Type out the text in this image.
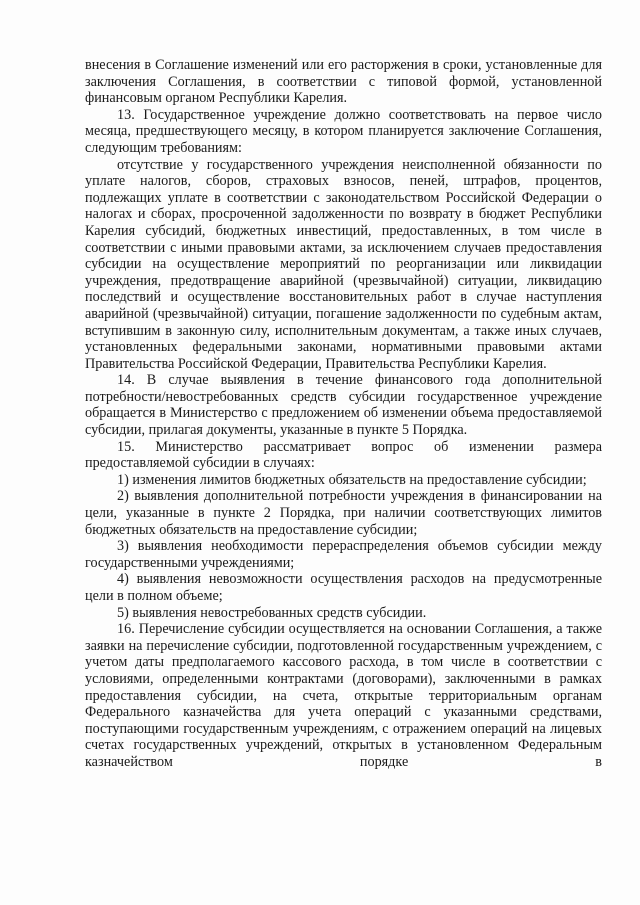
внесения в Соглашение изменений или его расторжения в сроки, установленные для заключения Соглашения, в соответствии с типовой формой, установленной финансовым органом Республики Карелия.

13. Государственное учреждение должно соответствовать на первое число месяца, предшествующего месяцу, в котором планируется заключение Соглашения, следующим требованиям:

отсутствие у государственного учреждения неисполненной обязанности по уплате налогов, сборов, страховых взносов, пеней, штрафов, процентов, подлежащих уплате в соответствии с законодательством Российской Федерации о налогах и сборах, просроченной задолженности по возврату в бюджет Республики Карелия субсидий, бюджетных инвестиций, предоставленных, в том числе в соответствии с иными правовыми актами, за исключением случаев предоставления субсидии на осуществление мероприятий по реорганизации или ликвидации учреждения, предотвращение аварийной (чрезвычайной) ситуации, ликвидацию последствий и осуществление восстановительных работ в случае наступления аварийной (чрезвычайной) ситуации, погашение задолженности по судебным актам, вступившим в законную силу, исполнительным документам, а также иных случаев, установленных федеральными законами, нормативными правовыми актами Правительства Российской Федерации, Правительства Республики Карелия.

14. В случае выявления в течение финансового года дополнительной потребности/невостребованных средств субсидии государственное учреждение обращается в Министерство с предложением об изменении объема предоставляемой субсидии, прилагая документы, указанные в пункте 5 Порядка.

15. Министерство рассматривает вопрос об изменении размера предоставляемой субсидии в случаях:

1) изменения лимитов бюджетных обязательств на предоставление субсидии;

2) выявления дополнительной потребности учреждения в финансировании на цели, указанные в пункте 2 Порядка, при наличии соответствующих лимитов бюджетных обязательств на предоставление субсидии;

3) выявления необходимости перераспределения объемов субсидии между государственными учреждениями;

4) выявления невозможности осуществления расходов на предусмотренные цели в полном объеме;

5) выявления невостребованных средств субсидии.

16. Перечисление субсидии осуществляется на основании Соглашения, а также заявки на перечисление субсидии, подготовленной государственным учреждением, с учетом даты предполагаемого кассового расхода, в том числе в соответствии с условиями, определенными контрактами (договорами), заключенными в рамках предоставления субсидии, на счета, открытые территориальным органам Федерального казначейства для учета операций с указанными средствами, поступающими государственным учреждениям, с отражением операций на лицевых счетах государственных учреждений, открытых в установленном Федеральным казначейством порядке в
